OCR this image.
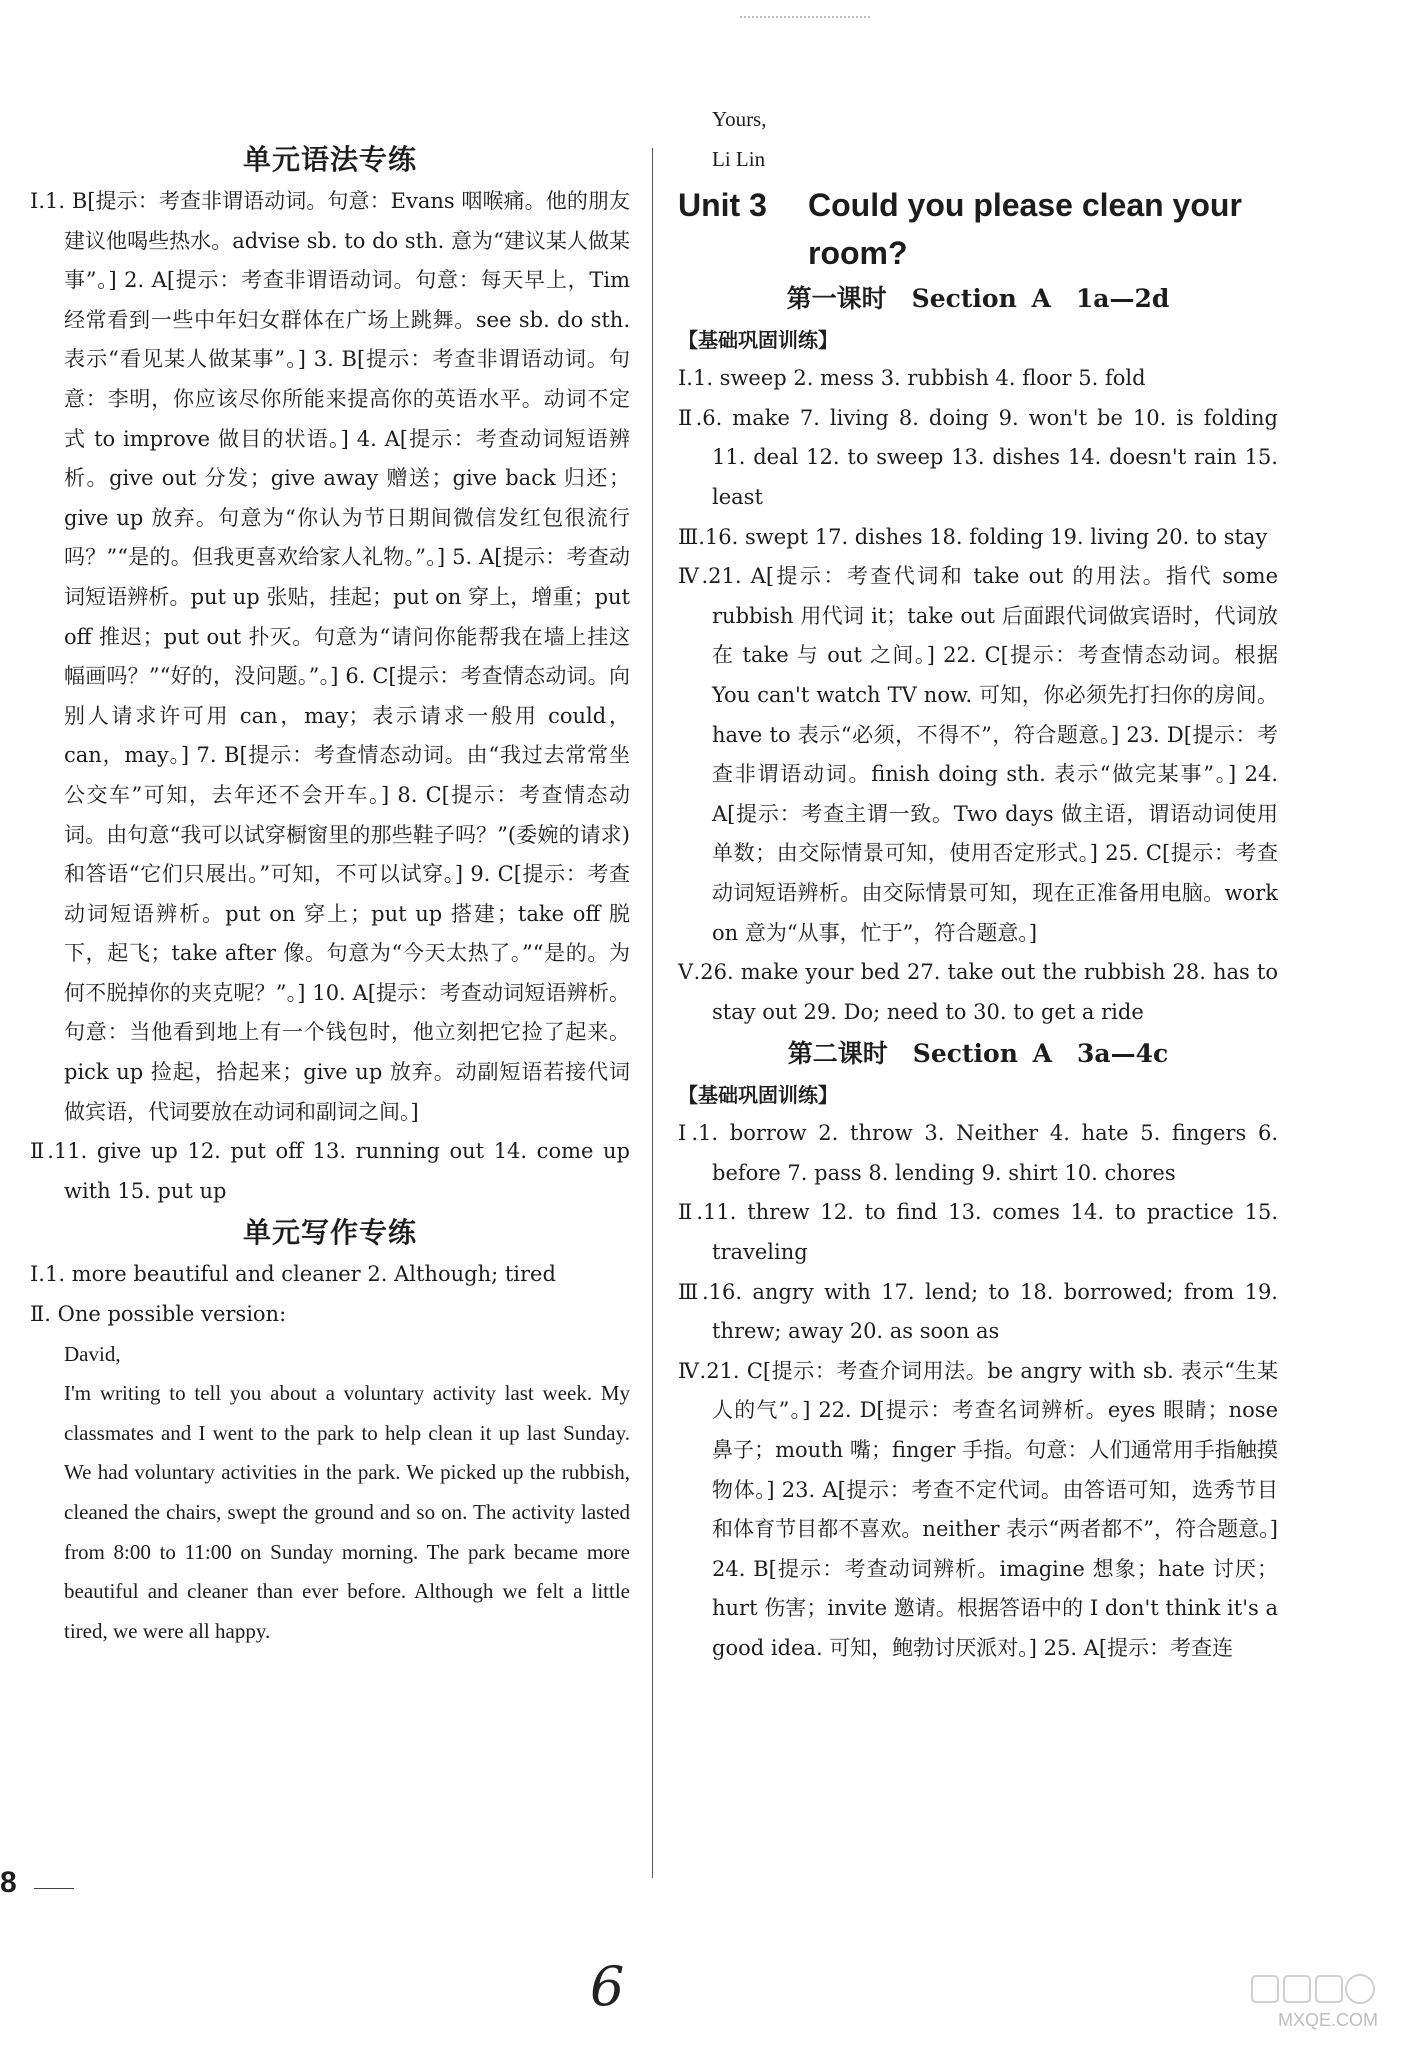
单元语法专练

Ⅰ.1. B[提示：考查非谓语动词。句意：Evans 咽喉痛。他的朋友建议他喝些热水。advise sb. to do sth. 意为“建议某人做某事”。] 2. A[提示：考查非谓语动词。句意：每天早上，Tim 经常看到一些中年妇女群体在广场上跳舞。see sb. do sth. 表示“看见某人做某事”。] 3. B[提示：考查非谓语动词。句意：李明，你应该尽你所能来提高你的英语水平。动词不定式 to improve 做目的状语。] 4. A[提示：考查动词短语辨析。give out 分发；give away 赠送；give back 归还；give up 放弃。句意为“你认为节日期间微信发红包很流行吗？”“是的。但我更喜欢给家人礼物。”。] 5. A[提示：考查动词短语辨析。put up 张贴，挂起；put on 穿上，增重；put off 推迟；put out 扑灭。句意为“请问你能帮我在墙上挂这幅画吗？”“好的，没问题。”。] 6. C[提示：考查情态动词。向别人请求许可用 can，may；表示请求一般用 could，can，may。] 7. B[提示：考查情态动词。由“我过去常常坐公交车”可知，去年还不会开车。] 8. C[提示：考查情态动词。由句意“我可以试穿橱窗里的那些鞋子吗？”(委婉的请求)和答语“它们只展出。”可知，不可以试穿。] 9. C[提示：考查动词短语辨析。put on 穿上；put up 搭建；take off 脱下，起飞；take after 像。句意为“今天太热了。”“是的。为何不脱掉你的夹克呢？”。] 10. A[提示：考查动词短语辨析。句意：当他看到地上有一个钱包时，他立刻把它捡了起来。pick up 捡起，拾起来；give up 放弃。动副短语若接代词做宾语，代词要放在动词和副词之间。]

Ⅱ.11. give up 12. put off 13. running out 14. come up with 15. put up

单元写作专练

Ⅰ.1. more beautiful and cleaner 2. Although; tired

Ⅱ. One possible version:

David,

I'm writing to tell you about a voluntary activity last week. My classmates and I went to the park to help clean it up last Sunday. We had voluntary activities in the park. We picked up the rubbish, cleaned the chairs, swept the ground and so on. The activity lasted from 8:00 to 11:00 on Sunday morning. The park became more beautiful and cleaner than ever before. Although we felt a little tired, we were all happy.

Yours,
Li Lin
Unit 3 Could you please clean your
room?
第一课时　Section A　1a—2d
【基础巩固训练】

Ⅰ.1. sweep 2. mess 3. rubbish 4. floor 5. fold

Ⅱ.6. make 7. living 8. doing 9. won't be 10. is folding 11. deal 12. to sweep 13. dishes 14. doesn't rain 15. least

Ⅲ.16. swept 17. dishes 18. folding 19. living 20. to stay

Ⅳ.21. A[提示：考查代词和 take out 的用法。指代 some rubbish 用代词 it；take out 后面跟代词做宾语时，代词放在 take 与 out 之间。] 22. C[提示：考查情态动词。根据 You can't watch TV now. 可知，你必须先打扫你的房间。have to 表示“必须，不得不”，符合题意。] 23. D[提示：考查非谓语动词。finish doing sth. 表示“做完某事”。] 24. A[提示：考查主谓一致。Two days 做主语，谓语动词使用单数；由交际情景可知，使用否定形式。] 25. C[提示：考查动词短语辨析。由交际情景可知，现在正准备用电脑。work on 意为“从事，忙于”，符合题意。]

Ⅴ.26. make your bed 27. take out the rubbish 28. has to stay out 29. Do; need to 30. to get a ride

第二课时　Section A　3a—4c
【基础巩固训练】

Ⅰ.1. borrow 2. throw 3. Neither 4. hate 5. fingers 6. before 7. pass 8. lending 9. shirt 10. chores

Ⅱ.11. threw 12. to find 13. comes 14. to practice 15. traveling

Ⅲ.16. angry with 17. lend; to 18. borrowed; from 19. threw; away 20. as soon as

Ⅳ.21. C[提示：考查介词用法。be angry with sb. 表示“生某人的气”。] 22. D[提示：考查名词辨析。eyes 眼睛；nose 鼻子；mouth 嘴；finger 手指。句意：人们通常用手指触摸物体。] 23. A[提示：考查不定代词。由答语可知，选秀节目和体育节目都不喜欢。neither 表示“两者都不”，符合题意。] 24. B[提示：考查动词辨析。imagine 想象；hate 讨厌；hurt 伤害；invite 邀请。根据答语中的 I don't think it's a good idea. 可知，鲍勃讨厌派对。] 25. A[提示：考查连

8
6
MXQE.COM
